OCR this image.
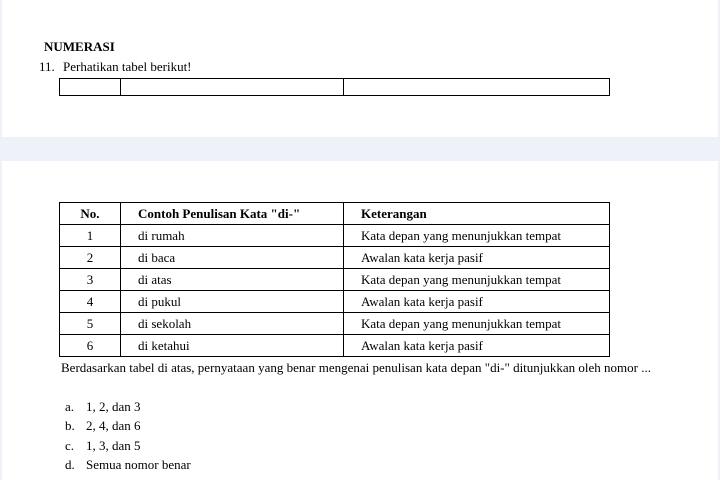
NUMERASI
11. Perhatikan tabel berikut!

No.	Contoh Penulisan Kata "di-"	Keterangan
1	di rumah	Kata depan yang menunjukkan tempat
2	di baca	Awalan kata kerja pasif
3	di atas	Kata depan yang menunjukkan tempat
4	di pukul	Awalan kata kerja pasif
5	di sekolah	Kata depan yang menunjukkan tempat
6	di ketahui	Awalan kata kerja pasif
Berdasarkan tabel di atas, pernyataan yang benar mengenai penulisan kata depan "di-" ditunjukkan oleh nomor ...
a. 1, 2, dan 3
b. 2, 4, dan 6
c. 1, 3, dan 5
d. Semua nomor benar
